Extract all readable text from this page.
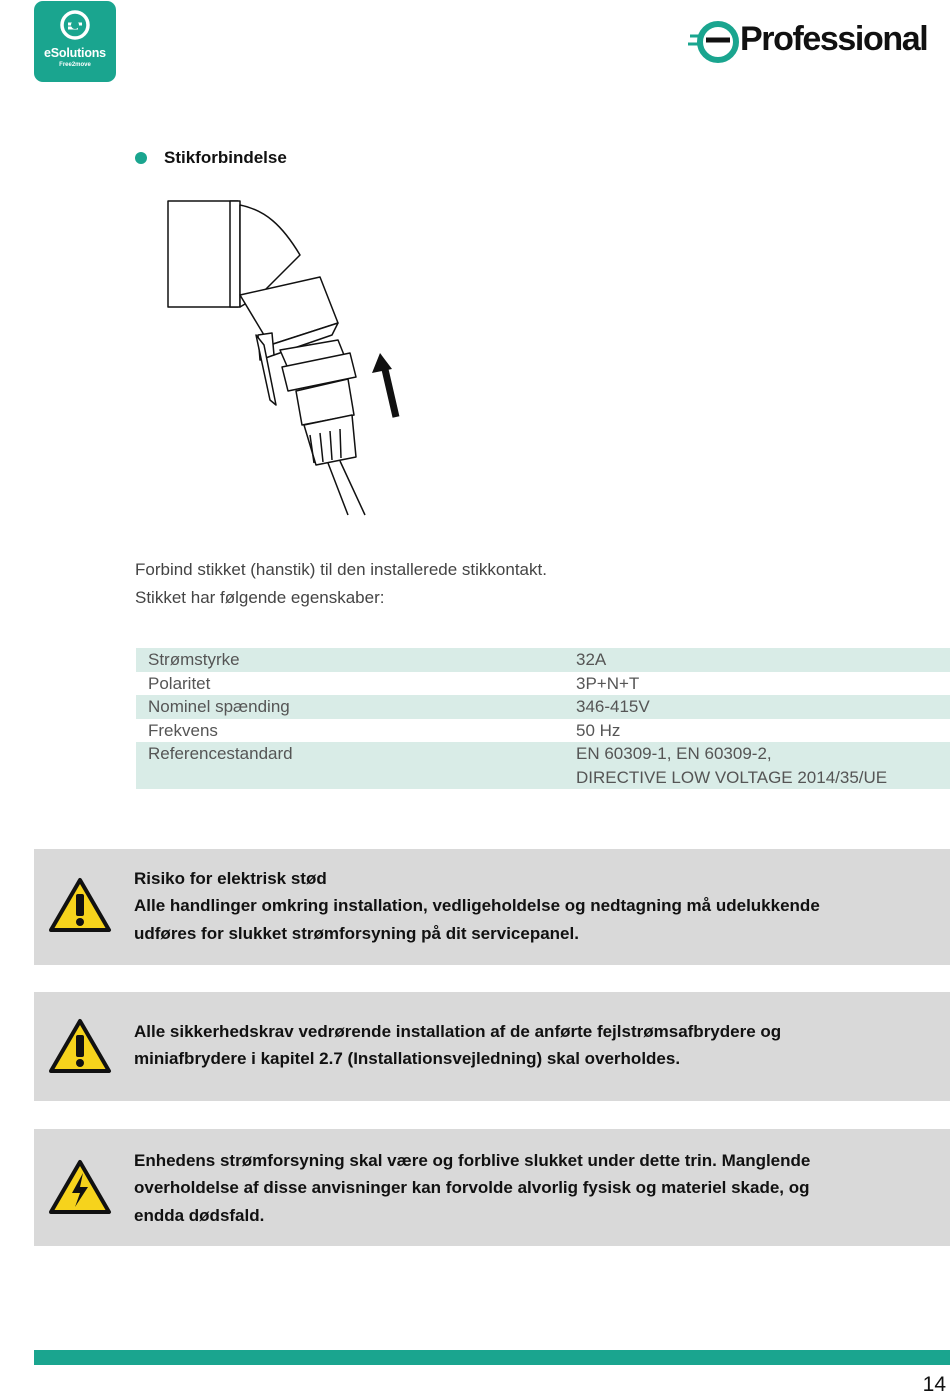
eSolutions
Free2move
Professional
Stikforbindelse
Forbind stikket (hanstik) til den installerede stikkontakt.
Stikket har følgende egenskaber:
Strømstyrke	32A
Polaritet	3P+N+T
Nominel spænding	346-415V
Frekvens	50 Hz
Referencestandard	EN 60309-1, EN 60309-2,
DIRECTIVE LOW VOLTAGE 2014/35/UE
Risiko for elektrisk stød
Alle handlinger omkring installation, vedligeholdelse og nedtagning må udelukkende
udføres for slukket strømforsyning på dit servicepanel.
Alle sikkerhedskrav vedrørende installation af de anførte fejlstrømsafbrydere og
miniafbrydere i kapitel 2.7 (Installationsvejledning) skal overholdes.
Enhedens strømforsyning skal være og forblive slukket under dette trin. Manglende
overholdelse af disse anvisninger kan forvolde alvorlig fysisk og materiel skade, og
endda dødsfald.
14
